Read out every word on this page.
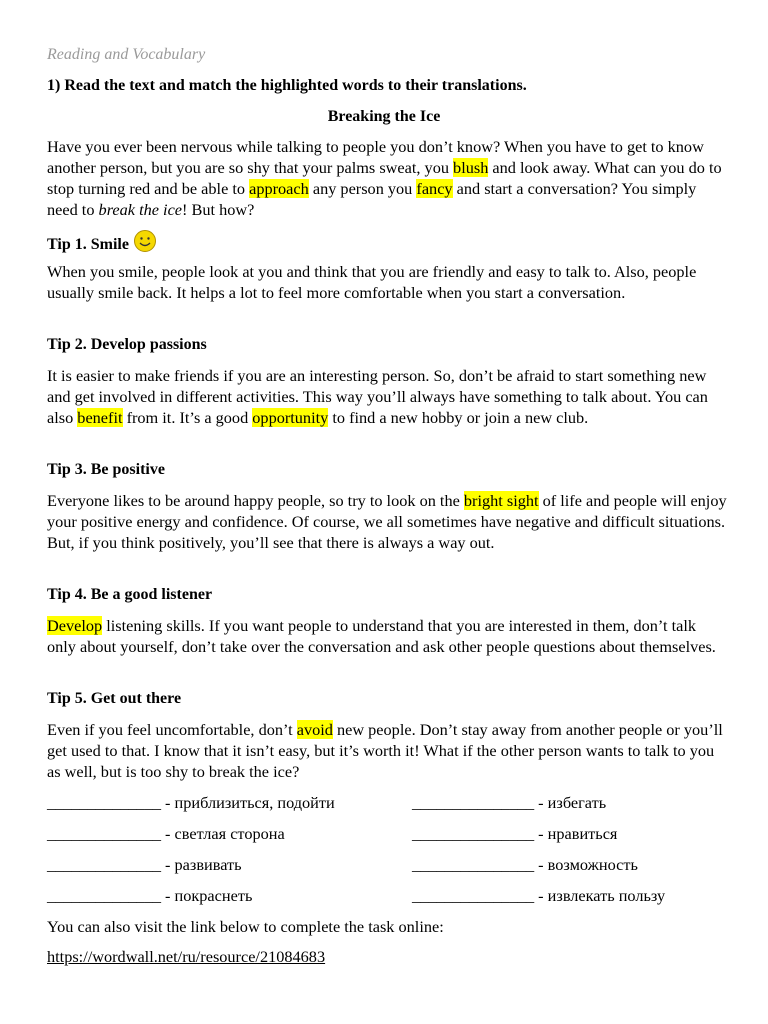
Reading and Vocabulary
1) Read the text and match the highlighted words to their translations.
Breaking the Ice

Have you ever been nervous while talking to people you don’t know? When you have to get to know another person, but you are so shy that your palms sweat, you blush and look away. What can you do to stop turning red and be able to approach any person you fancy and start a conversation? You simply need to break the ice! But how?

Tip 1. Smile

When you smile, people look at you and think that you are friendly and easy to talk to. Also, people usually smile back. It helps a lot to feel more comfortable when you start a conversation.

Tip 2. Develop passions

It is easier to make friends if you are an interesting person. So, don’t be afraid to start something new and get involved in different activities. This way you’ll always have something to talk about. You can also benefit from it. It’s a good opportunity to find a new hobby or join a new club.

Tip 3. Be positive

Everyone likes to be around happy people, so try to look on the bright sight of life and people will enjoy your positive energy and confidence. Of course, we all sometimes have negative and difficult situations. But, if you think positively, you’ll see that there is always a way out.

Tip 4. Be a good listener

Develop listening skills. If you want people to understand that you are interested in them, don’t talk only about yourself, don’t take over the conversation and ask other people questions about themselves.

Tip 5. Get out there

Even if you feel uncomfortable, don’t avoid new people. Don’t stay away from another people or you’ll get used to that. I know that it isn’t easy, but it’s worth it! What if the other person wants to talk to you as well, but is too shy to break the ice?

______________ - приблизиться, подойти	_______________ - избегать
______________ - светлая сторона	_______________ - нравиться
______________ - развивать	_______________ - возможность
______________ - покраснеть	_______________ - извлекать пользу
You can also visit the link below to complete the task online:
https://wordwall.net/ru/resource/21084683
